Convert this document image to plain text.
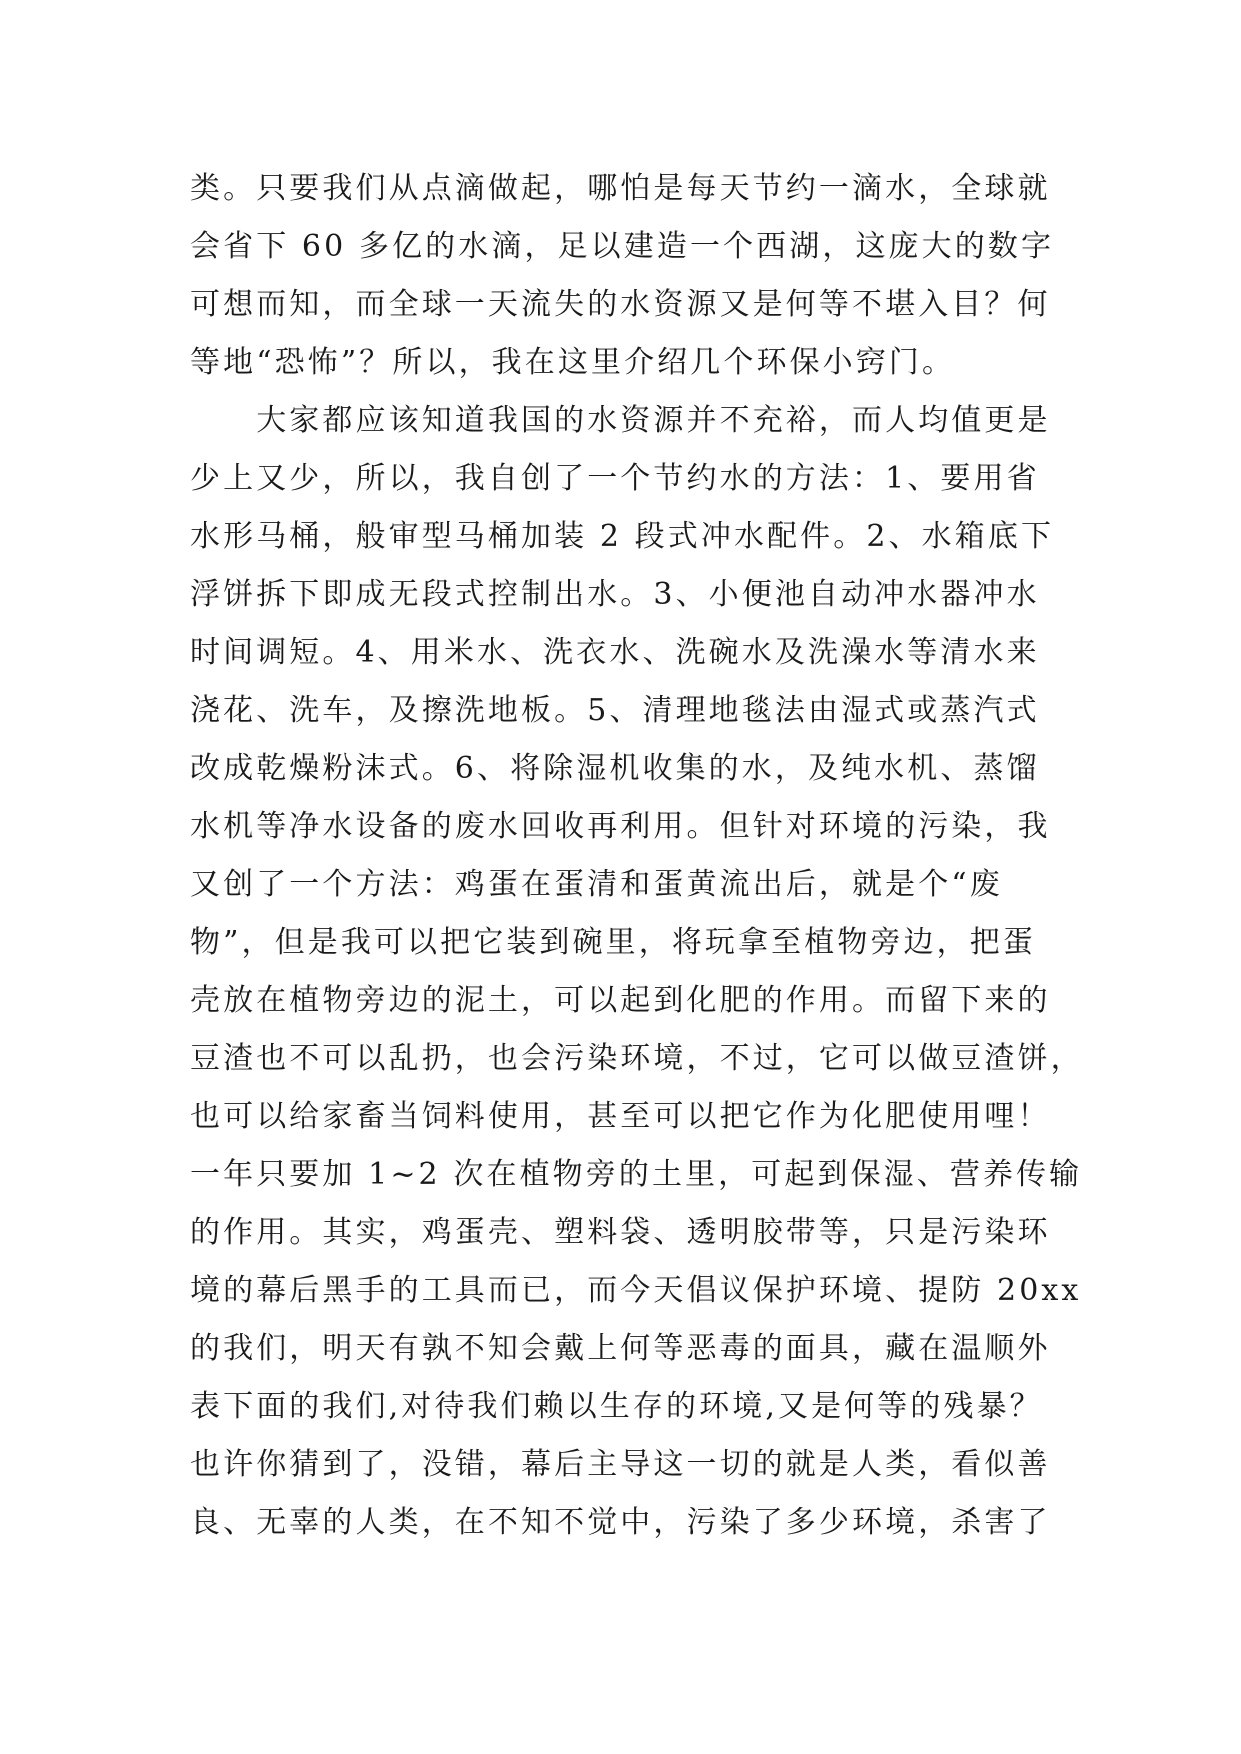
类。只要我们从点滴做起，哪怕是每天节约一滴水，全球就
会省下 60 多亿的水滴，足以建造一个西湖，这庞大的数字
可想而知，而全球一天流失的水资源又是何等不堪入目？何
等地“恐怖”？所以，我在这里介绍几个环保小窍门。
　　大家都应该知道我国的水资源并不充裕，而人均值更是
少上又少，所以，我自创了一个节约水的方法：1、要用省
水形马桶，般审型马桶加装 2 段式冲水配件。2、水箱底下
浮饼拆下即成无段式控制出水。3、小便池自动冲水器冲水
时间调短。4、用米水、洗衣水、洗碗水及洗澡水等清水来
浇花、洗车，及擦洗地板。5、清理地毯法由湿式或蒸汽式
改成乾燥粉沫式。6、将除湿机收集的水，及纯水机、蒸馏
水机等净水设备的废水回收再利用。但针对环境的污染，我
又创了一个方法：鸡蛋在蛋清和蛋黄流出后，就是个“废
物”，但是我可以把它装到碗里，将玩拿至植物旁边，把蛋
壳放在植物旁边的泥土，可以起到化肥的作用。而留下来的
豆渣也不可以乱扔，也会污染环境，不过，它可以做豆渣饼，
也可以给家畜当饲料使用，甚至可以把它作为化肥使用哩！
一年只要加 1~2 次在植物旁的土里，可起到保湿、营养传输
的作用。其实，鸡蛋壳、塑料袋、透明胶带等，只是污染环
境的幕后黑手的工具而已，而今天倡议保护环境、提防 20xx
的我们，明天有孰不知会戴上何等恶毒的面具，藏在温顺外
表下面的我们,对待我们赖以生存的环境,又是何等的残暴？
也许你猜到了，没错，幕后主导这一切的就是人类，看似善
良、无辜的人类，在不知不觉中，污染了多少环境，杀害了
